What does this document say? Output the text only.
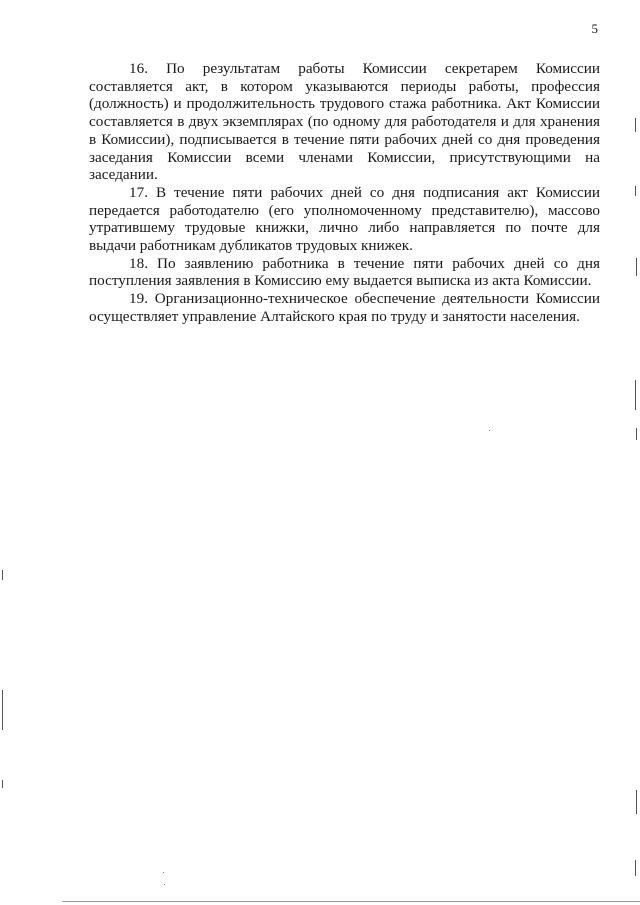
5

16. По результатам работы Комиссии секретарем Комиссии составляется акт, в котором указываются периоды работы, профессия (должность) и продолжительность трудового стажа работника. Акт Комиссии составляется в двух экземплярах (по одному для работодателя и для хранения в Комиссии), подписывается в течение пяти рабочих дней со дня проведения заседания Комиссии всеми членами Комиссии, присутствующими на заседании.

17. В течение пяти рабочих дней со дня подписания акт Комиссии передается работодателю (его уполномоченному представителю), массово утратившему трудовые книжки, лично либо направляется по почте для выдачи работникам дубликатов трудовых книжек.

18. По заявлению работника в течение пяти рабочих дней со дня поступления заявления в Комиссию ему выдается выписка из акта Комиссии.

19. Организационно-техническое обеспечение деятельности Комиссии осуществляет управление Алтайского края по труду и занятости населения.
